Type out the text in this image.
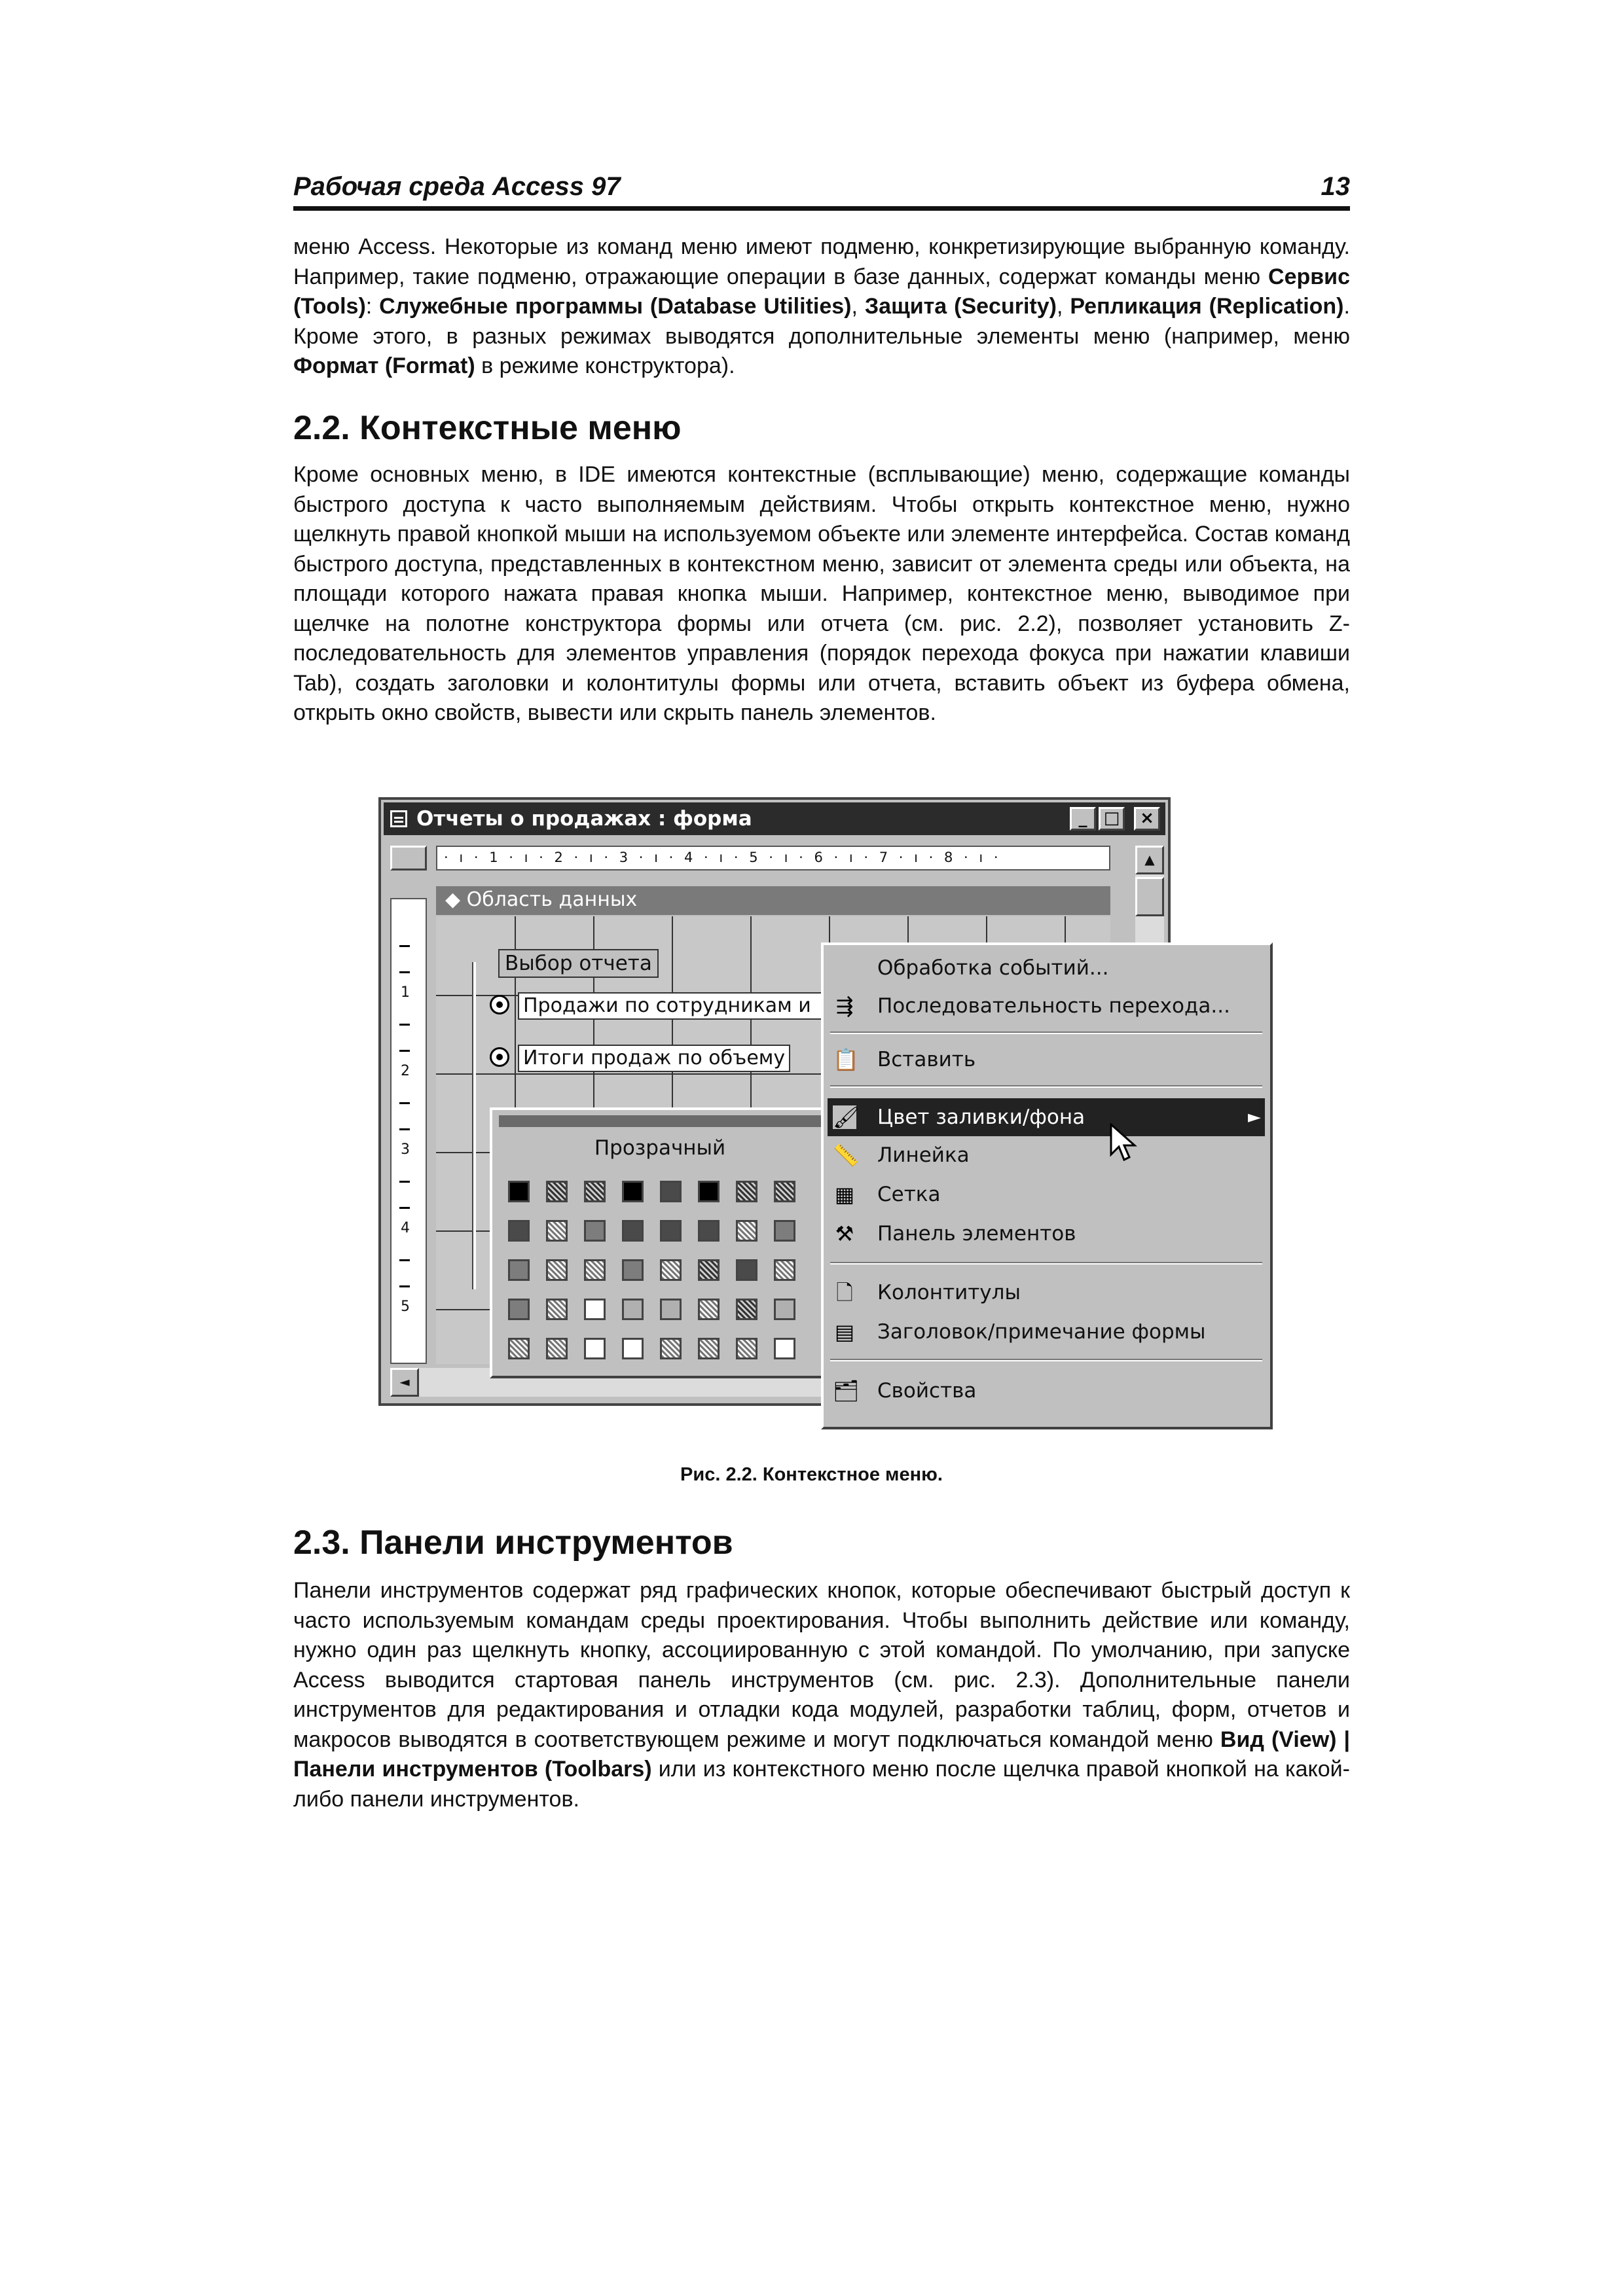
Рабочая среда Access 97	13

меню Access. Некоторые из команд меню имеют подменю, конкретизирующие выбранную команду. Например, такие подменю, отражающие операции в базе данных, содержат команды меню Сервис (Tools): Служебные программы (Database Utilities), Защита (Security), Репликация (Replication). Кроме этого, в разных режимах выводятся дополнительные элементы меню (например, меню Формат (Format) в режиме конструктора).

2.2. Контекстные меню

Кроме основных меню, в IDE имеются контекстные (всплывающие) меню, содержащие команды быстрого доступа к часто выполняемым действиям. Чтобы открыть контекстное меню, нужно щелкнуть правой кнопкой мыши на используемом объекте или элементе интерфейса. Состав команд быстрого доступа, представленных в контекстном меню, зависит от элемента среды или объекта, на площади которого нажата правая кнопка мыши. Например, контекстное меню, выводимое при щелчке на полотне конструктора формы или отчета (см. рис. 2.2), позволяет установить Z-последовательность для элементов управления (порядок перехода фокуса при нажатии клавиши Tab), создать заголовки и колонтитулы формы или отчета, вставить объект из буфера обмена, открыть окно свойств, вывести или скрыть панель элементов.

Отчеты о продажах : форма	_ □ ×
· ı · 1 · ı · 2 · ı · 3 · ı · 4 · ı · 5 · ı · 6 · ı · 7 · ı · 8 · ı ·
1
2
3
4
5
◆ Область данных
Выбор отчета
Продажи по сотрудникам и
Итоги продаж по объему
▲
◄
Прозрачный
Обработка событий...
⇶ Последовательность перехода...
📋 Вставить
🖌 Цвет заливки/фона	►
📏 Линейка
▦ Сетка
⚒ Панель элементов
🗋 Колонтитулы
▤ Заголовок/примечание формы
🗂 Свойства
Рис. 2.2. Контекстное меню.
2.3. Панели инструментов

Панели инструментов содержат ряд графических кнопок, которые обеспечивают быстрый доступ к часто используемым командам среды проектирования. Чтобы выполнить действие или команду, нужно один раз щелкнуть кнопку, ассоциированную с этой командой. По умолчанию, при запуске Access выводится стартовая панель инструментов (см. рис. 2.3). Дополнительные панели инструментов для редактирования и отладки кода модулей, разработки таблиц, форм, отчетов и макросов выводятся в соответствующем режиме и могут подключаться командой меню Вид (View) | Панели инструментов (Toolbars) или из контекстного меню после щелчка правой кнопкой на какой-либо панели инструментов.
